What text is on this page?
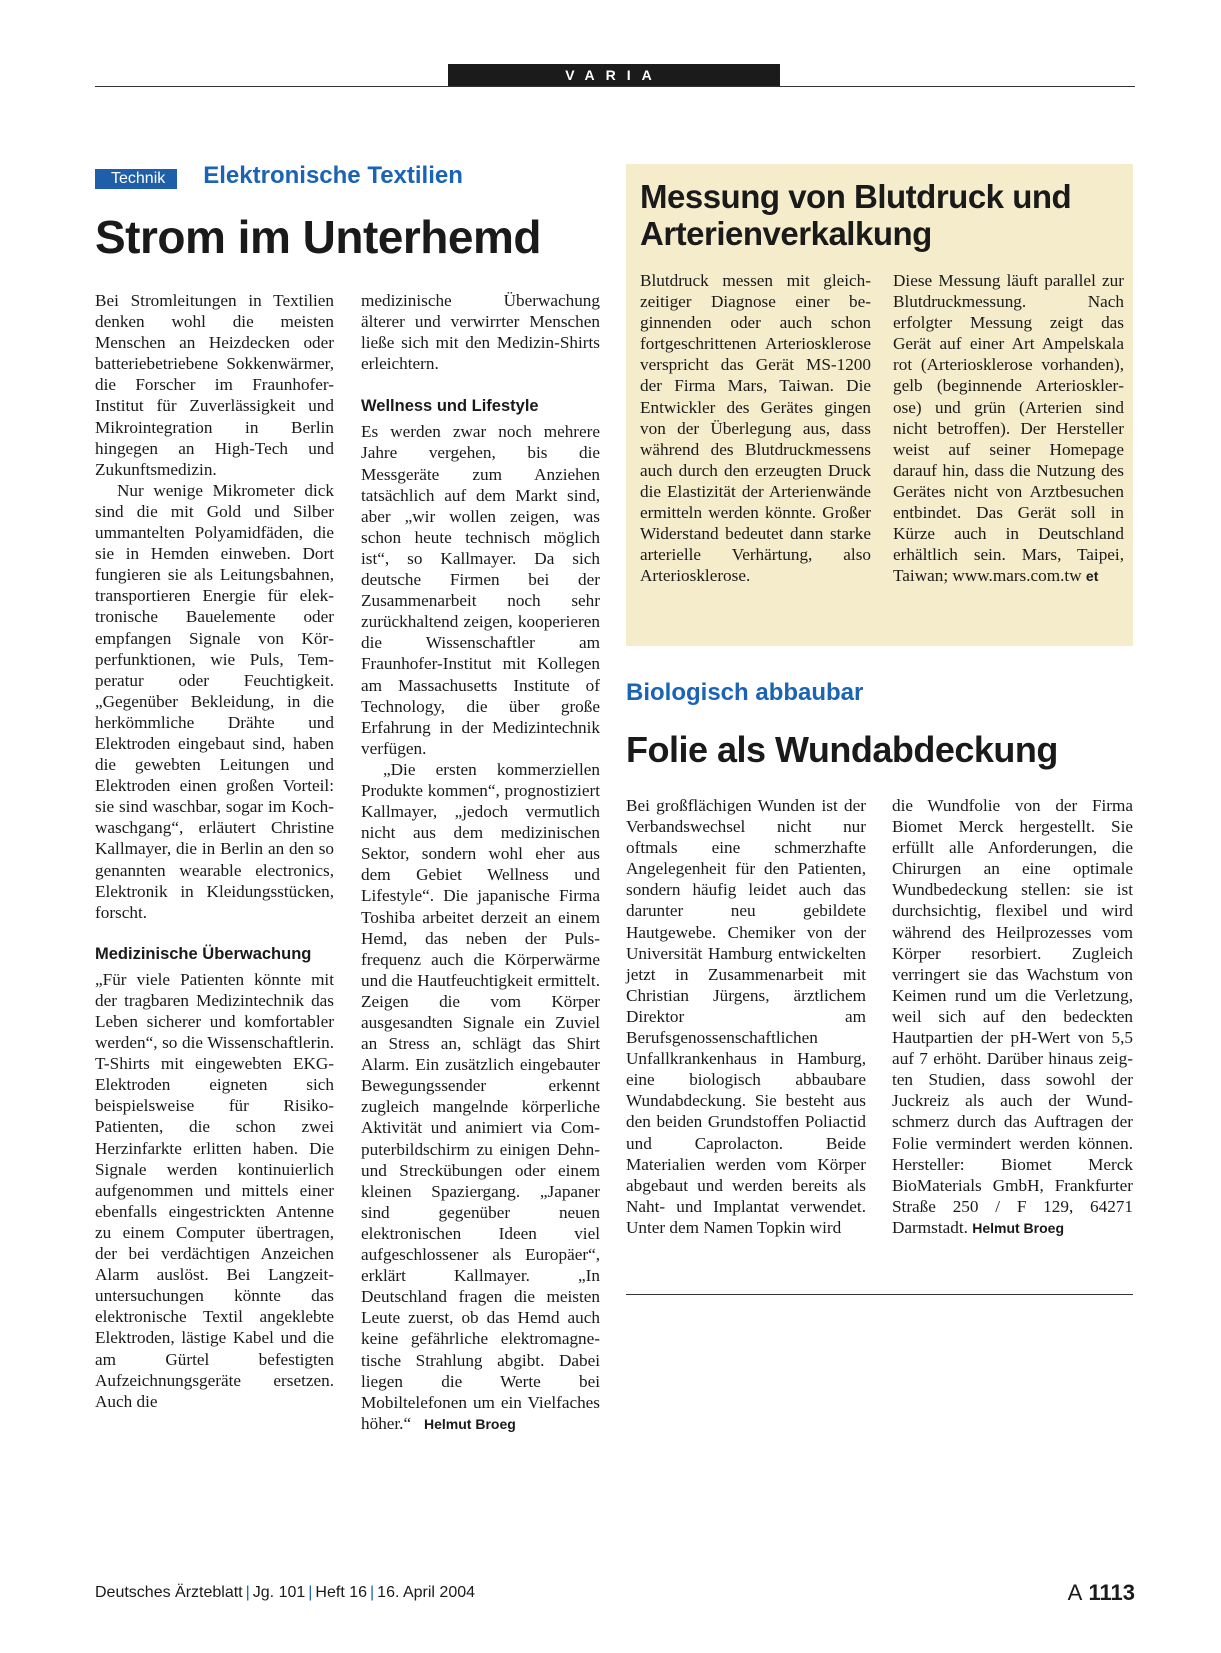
VARIA
Technik Elektronische Textilien
Strom im Unterhemd

Bei Stromleitungen in Textilien denken wohl die meisten Menschen an Heizdecken oder batteriebetriebene Sokkenwärmer, die Forscher im Fraunhofer-Institut für Zuverlässigkeit und Mikrointegration in Berlin hingegen an High-Tech und Zukunftsmedizin.

Nur wenige Mikrometer dick sind die mit Gold und Silber ummantelten Polyamidfäden, die sie in Hemden einweben. Dort fungieren sie als Leitungsbahnen, transportieren Energie für elektronische Bauelemente oder empfangen Signale von Körperfunktionen, wie Puls, Temperatur oder Feuchtigkeit. „Gegenüber Bekleidung, in die herkömmliche Drähte und Elektroden eingebaut sind, haben die gewebten Leitungen und Elektroden einen großen Vorteil: sie sind waschbar, sogar im Kochwaschgang“, erläutert Christine Kallmayer, die in Berlin an den so genannten wearable electronics, Elektronik in Kleidungsstücken, forscht.

Medizinische Überwachung

„Für viele Patienten könnte mit der tragbaren Medizintechnik das Leben sicherer und komfortabler werden“, so die Wissenschaftlerin. T-Shirts mit eingewebten EKG-Elektroden eigneten sich beispielsweise für Risiko-Patienten, die schon zwei Herzinfarkte erlitten haben. Die Signale werden kontinuierlich aufgenommen und mittels einer ebenfalls eingestrickten Antenne zu einem Computer übertragen, der bei verdächtigen Anzeichen Alarm auslöst. Bei Langzeituntersuchungen könnte das elektronische Textil angeklebte Elektroden, lästige Kabel und die am Gürtel befestigten Aufzeichnungsgeräte ersetzen. Auch die

medizinische Überwachung älterer und verwirrter Menschen ließe sich mit den Medizin-Shirts erleichtern.

Wellness und Lifestyle

Es werden zwar noch mehrere Jahre vergehen, bis die Messgeräte zum Anziehen tatsächlich auf dem Markt sind, aber „wir wollen zeigen, was schon heute technisch möglich ist“, so Kallmayer. Da sich deutsche Firmen bei der Zusammenarbeit noch sehr zurückhaltend zeigen, kooperieren die Wissenschaftler am Fraunhofer-Institut mit Kollegen am Massachusetts Institute of Technology, die über große Erfahrung in der Medizintechnik verfügen.

„Die ersten kommerziellen Produkte kommen“, prognostiziert Kallmayer, „jedoch vermutlich nicht aus dem medizinischen Sektor, sondern wohl eher aus dem Gebiet Wellness und Lifestyle“. Die japanische Firma Toshiba arbeitet derzeit an einem Hemd, das neben der Pulsfrequenz auch die Körperwärme und die Hautfeuchtigkeit ermittelt. Zeigen die vom Körper ausgesandten Signale ein Zuviel an Stress an, schlägt das Shirt Alarm. Ein zusätzlich eingebauter Bewegungssender erkennt zugleich mangelnde körperliche Aktivität und animiert via Computerbildschirm zu einigen Dehn- und Streckübungen oder einem kleinen Spaziergang. „Japaner sind gegenüber neuen elektronischen Ideen viel aufgeschlossener als Europäer“, erklärt Kallmayer. „In Deutschland fragen die meisten Leute zuerst, ob das Hemd auch keine gefährliche elektromagnetische Strahlung abgibt. Dabei liegen die Werte bei Mobiltelefonen um ein Vielfaches höher.“ Helmut Broeg

Messung von Blutdruck und Arterienverkalkung

Blutdruck messen mit gleichzeitiger Diagnose einer beginnenden oder auch schon fortgeschrittenen Arteriosklerose verspricht das Gerät MS-1200 der Firma Mars, Taiwan. Die Entwickler des Gerätes gingen von der Überlegung aus, dass während des Blutdruckmessens auch durch den erzeugten Druck die Elastizität der Arterienwände ermitteln werden könnte. Großer Widerstand bedeutet dann starke arterielle Verhärtung, also Arteriosklerose.

Diese Messung läuft parallel zur Blutdruckmessung. Nach erfolgter Messung zeigt das Gerät auf einer Art Ampelskala rot (Arteriosklerose vorhanden), gelb (beginnende Arteriosklerose) und grün (Arterien sind nicht betroffen). Der Hersteller weist auf seiner Homepage darauf hin, dass die Nutzung des Gerätes nicht von Arztbesuchen entbindet. Das Gerät soll in Kürze auch in Deutschland erhältlich sein. Mars, Taipei, Taiwan; www.mars.com.tw et

Biologisch abbaubar
Folie als Wundabdeckung

Bei großflächigen Wunden ist der Verbandswechsel nicht nur oftmals eine schmerzhafte Angelegenheit für den Patienten, sondern häufig leidet auch das darunter neu gebildete Hautgewebe. Chemiker von der Universität Hamburg entwickelten jetzt in Zusammenarbeit mit Christian Jürgens, ärztlichem Direktor am Berufsgenossenschaftlichen Unfallkrankenhaus in Hamburg, eine biologisch abbaubare Wundabdeckung. Sie besteht aus den beiden Grundstoffen Poliactid und Caprolacton. Beide Materialien werden vom Körper abgebaut und werden bereits als Naht- und Implantat verwendet. Unter dem Namen Topkin wird

die Wundfolie von der Firma Biomet Merck hergestellt. Sie erfüllt alle Anforderungen, die Chirurgen an eine optimale Wundbedeckung stellen: sie ist durchsichtig, flexibel und wird während des Heilprozesses vom Körper resorbiert. Zugleich verringert sie das Wachstum von Keimen rund um die Verletzung, weil sich auf den bedeckten Hautpartien der pH-Wert von 5,5 auf 7 erhöht. Darüber hinaus zeigten Studien, dass sowohl der Juckreiz als auch der Wundschmerz durch das Auftragen der Folie vermindert werden können. Hersteller: Biomet Merck BioMaterials GmbH, Frankfurter Straße 250 / F 129, 64271 Darmstadt. Helmut Broeg

Deutsches Ärzteblatt | Jg. 101 | Heft 16 | 16. April 2004	A 1113
